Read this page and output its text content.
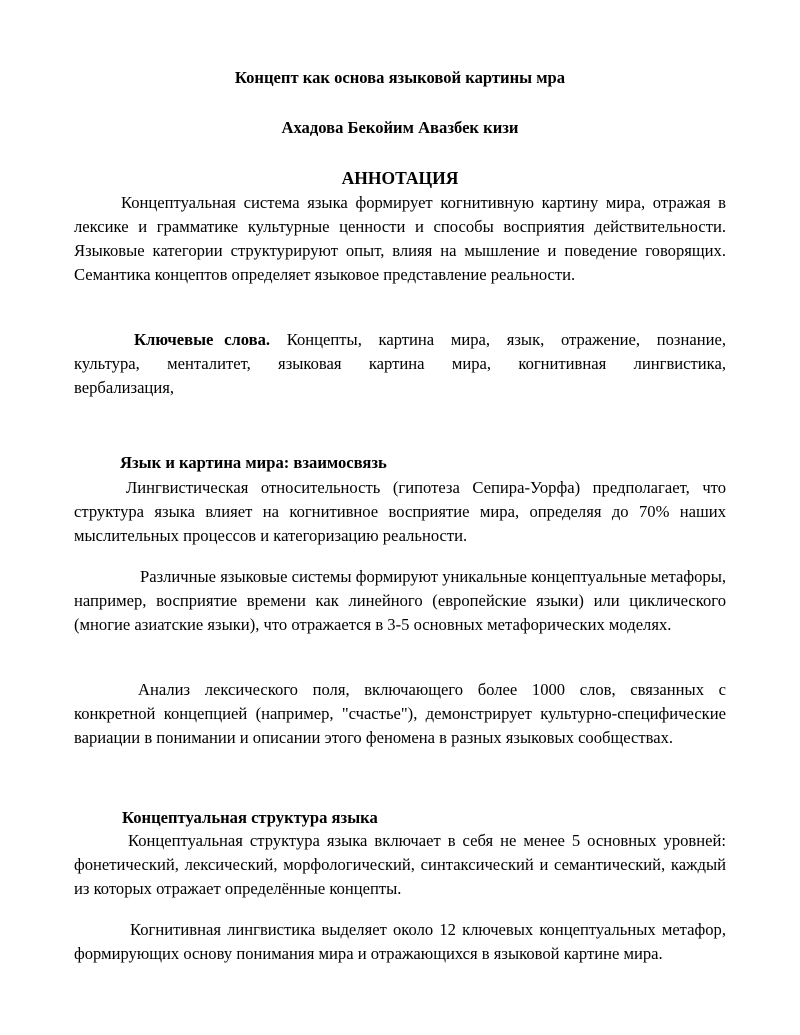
Концепт как основа языковой картины мра
Ахадова Бекойим Авазбек кизи
АННОТАЦИЯ

Концептуальная система языка формирует когнитивную картину мира, отражая в лексике и грамматике культурные ценности и способы восприятия действительности. Языковые категории структурируют опыт, влияя на мышление и поведение говорящих. Семантика концептов определяет языковое представление реальности.

Ключевые слова. Концепты, картина мира, язык, отражение, познание, культура, менталитет, языковая картина мира, когнитивная лингвистика, вербализация,

Язык и картина мира: взаимосвязь

Лингвистическая относительность (гипотеза Сепира-Уорфа) предполагает, что структура языка влияет на когнитивное восприятие мира, определяя до 70% наших мыслительных процессов и категоризацию реальности.

Различные языковые системы формируют уникальные концептуальные метафоры, например, восприятие времени как линейного (европейские языки) или циклического (многие азиатские языки), что отражается в 3-5 основных метафорических моделях.

Анализ лексического поля, включающего более 1000 слов, связанных с конкретной концепцией (например, "счастье"), демонстрирует культурно-специфические вариации в понимании и описании этого феномена в разных языковых сообществах.

Концептуальная структура языка

Концептуальная структура языка включает в себя не менее 5 основных уровней: фонетический, лексический, морфологический, синтаксический и семантический, каждый из которых отражает определённые концепты.

Когнитивная лингвистика выделяет около 12 ключевых концептуальных метафор, формирующих основу понимания мира и отражающихся в языковой картине мира.
